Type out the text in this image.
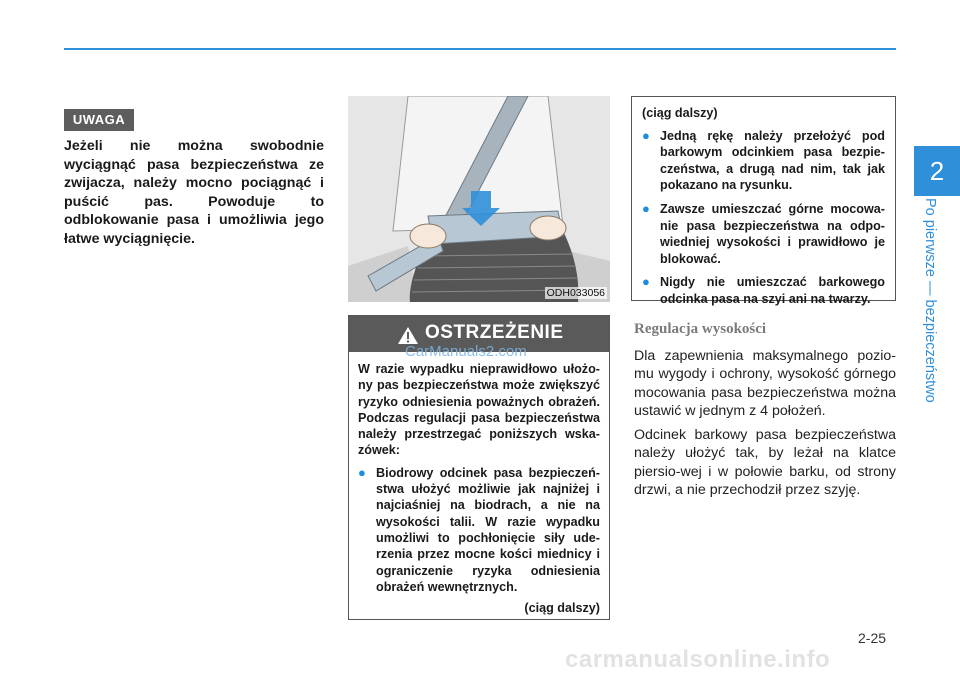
UWAGA
Jeżeli nie można swobodnie wyciągnąć pasa bezpieczeństwa ze zwijacza, należy mocno pociągnąć i puścić pas. Powoduje to odblokowanie pasa i umożliwia jego łatwe wyciągnięcie.
ODH033056
OSTRZEŻENIE
CarManuals2.com

W razie wypadku nieprawidłowo ułożo-ny pas bezpieczeństwa może zwiększyć ryzyko odniesienia poważnych obrażeń. Podczas regulacji pasa bezpieczeństwa należy przestrzegać poniższych wska-zówek:

● Biodrowy odcinek pasa bezpieczeń-stwa ułożyć możliwie jak najniżej i najciaśniej na biodrach, a nie na wysokości talii. W razie wypadku umożliwi to pochłonięcie siły ude-rzenia przez mocne kości miednicy i ograniczenie ryzyka odniesienia obrażeń wewnętrznych.
(ciąg dalszy)
(ciąg dalszy)
● Jedną rękę należy przełożyć pod barkowym odcinkiem pasa bezpie-czeństwa, a drugą nad nim, tak jak pokazano na rysunku.
● Zawsze umieszczać górne mocowa-nie pasa bezpieczeństwa na odpo-wiedniej wysokości i prawidłowo je blokować.
● Nigdy nie umieszczać barkowego odcinka pasa na szyi ani na twarzy.
Regulacja wysokości

Dla zapewnienia maksymalnego pozio-mu wygody i ochrony, wysokość górnego mocowania pasa bezpieczeństwa można ustawić w jednym z 4 położeń.

Odcinek barkowy pasa bezpieczeństwa należy ułożyć tak, by leżał na klatce piersio-wej i w połowie barku, od strony drzwi, a nie przechodził przez szyję.

2
Po pierwsze — bezpieczeństwo
2-25
carmanualsonline.info
